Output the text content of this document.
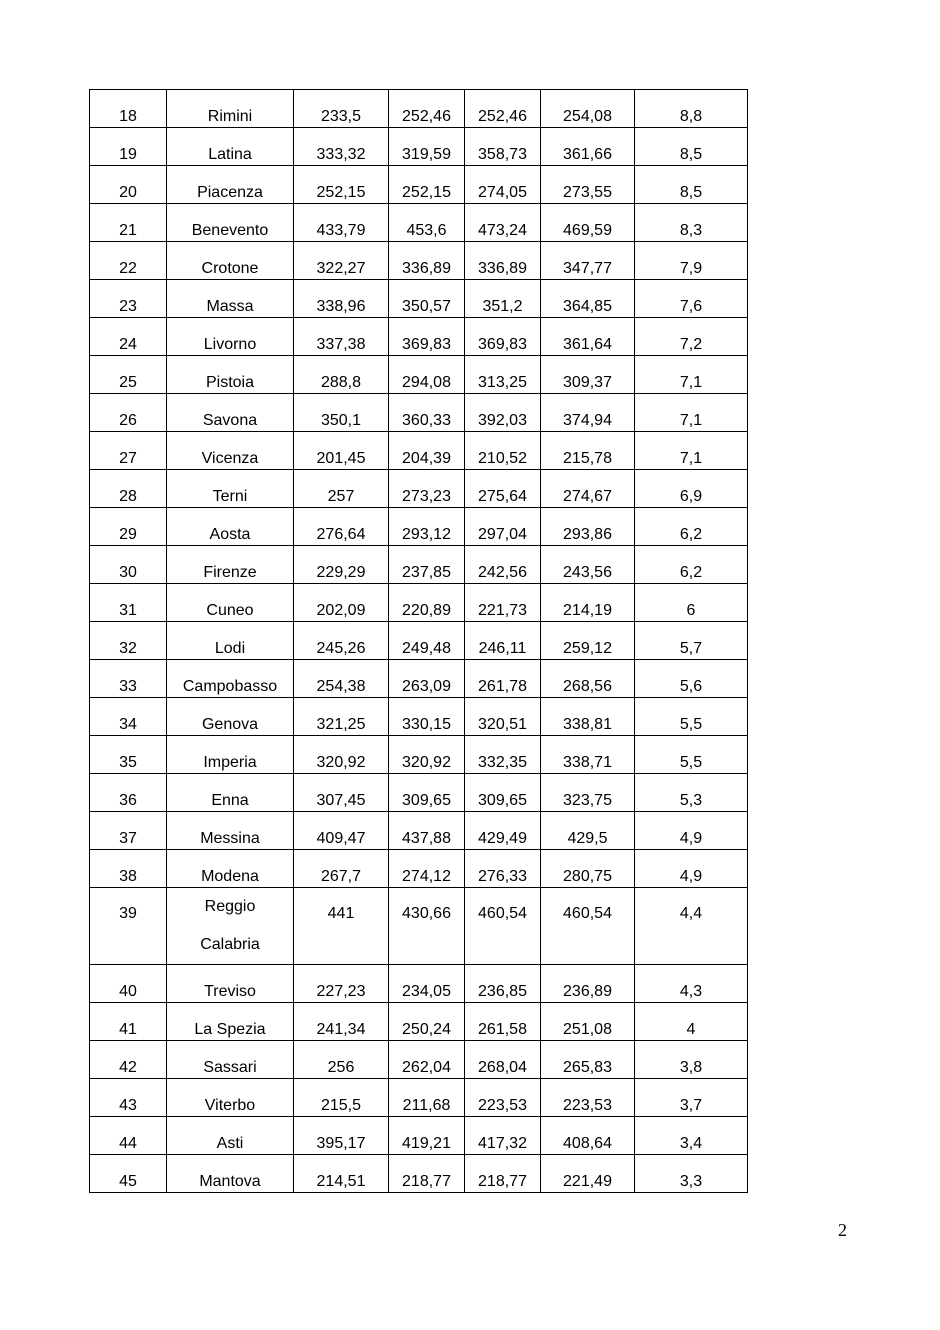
18	Rimini	233,5	252,46	252,46	254,08	8,8
19	Latina	333,32	319,59	358,73	361,66	8,5
20	Piacenza	252,15	252,15	274,05	273,55	8,5
21	Benevento	433,79	453,6	473,24	469,59	8,3
22	Crotone	322,27	336,89	336,89	347,77	7,9
23	Massa	338,96	350,57	351,2	364,85	7,6
24	Livorno	337,38	369,83	369,83	361,64	7,2
25	Pistoia	288,8	294,08	313,25	309,37	7,1
26	Savona	350,1	360,33	392,03	374,94	7,1
27	Vicenza	201,45	204,39	210,52	215,78	7,1
28	Terni	257	273,23	275,64	274,67	6,9
29	Aosta	276,64	293,12	297,04	293,86	6,2
30	Firenze	229,29	237,85	242,56	243,56	6,2
31	Cuneo	202,09	220,89	221,73	214,19	6
32	Lodi	245,26	249,48	246,11	259,12	5,7
33	Campobasso	254,38	263,09	261,78	268,56	5,6
34	Genova	321,25	330,15	320,51	338,81	5,5
35	Imperia	320,92	320,92	332,35	338,71	5,5
36	Enna	307,45	309,65	309,65	323,75	5,3
37	Messina	409,47	437,88	429,49	429,5	4,9
38	Modena	267,7	274,12	276,33	280,75	4,9

39	Reggio Calabria	441	430,66	460,54	460,54	4,4

40	Treviso	227,23	234,05	236,85	236,89	4,3
41	La Spezia	241,34	250,24	261,58	251,08	4
42	Sassari	256	262,04	268,04	265,83	3,8
43	Viterbo	215,5	211,68	223,53	223,53	3,7
44	Asti	395,17	419,21	417,32	408,64	3,4
45	Mantova	214,51	218,77	218,77	221,49	3,3
2
